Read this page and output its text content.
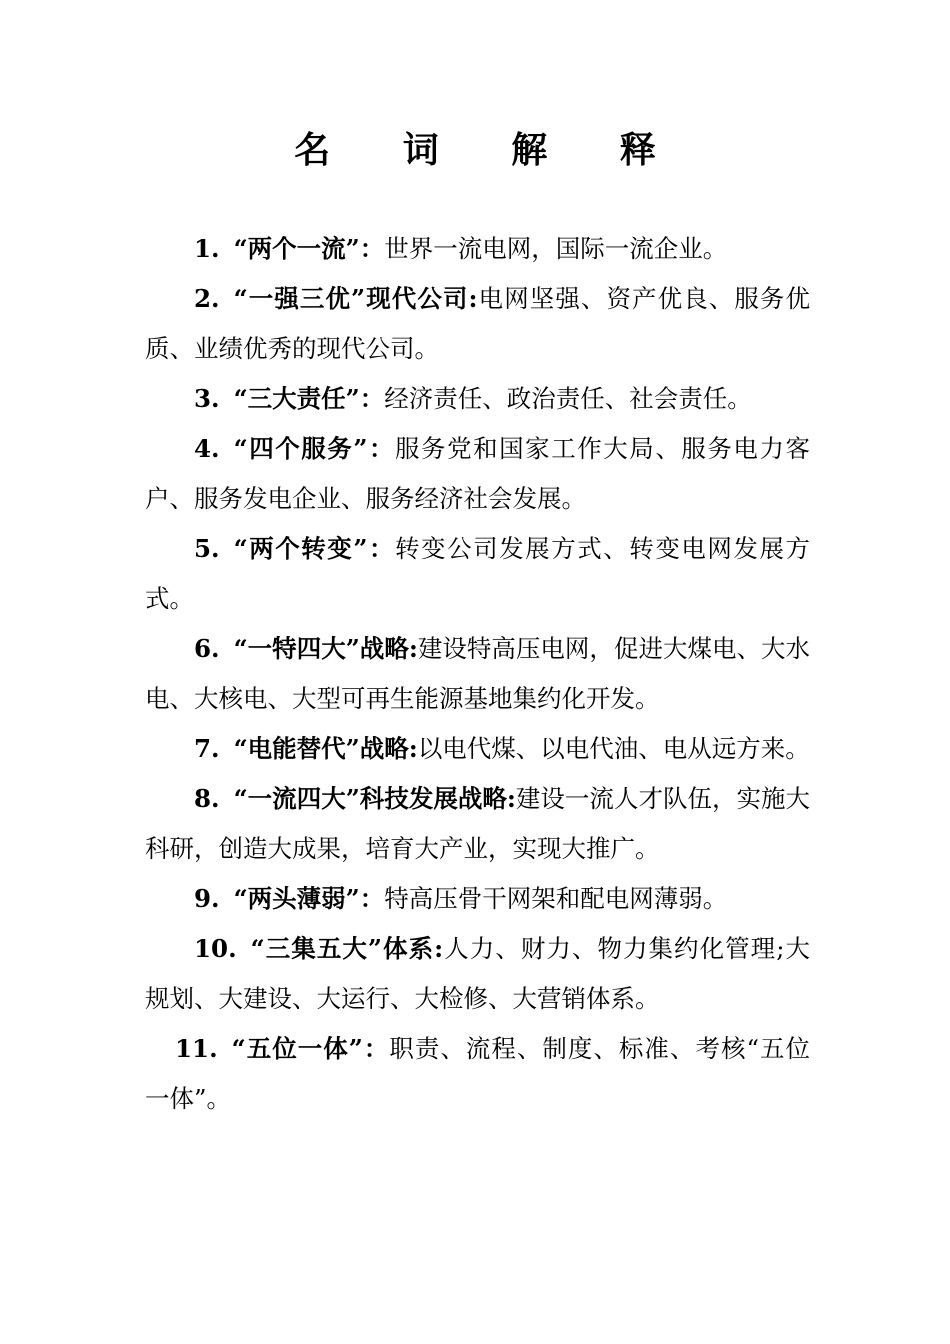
名 词 解 释

1. “两个一流”：世界一流电网，国际一流企业。

2. “一强三优”现代公司:电网坚强、资产优良、服务优质、业绩优秀的现代公司。

3. “三大责任”：经济责任、政治责任、社会责任。

4. “四个服务”：服务党和国家工作大局、服务电力客户、服务发电企业、服务经济社会发展。

5. “两个转变”：转变公司发展方式、转变电网发展方式。

6. “一特四大”战略:建设特高压电网，促进大煤电、大水电、大核电、大型可再生能源基地集约化开发。

7. “电能替代”战略:以电代煤、以电代油、电从远方来。

8. “一流四大”科技发展战略:建设一流人才队伍，实施大科研，创造大成果，培育大产业，实现大推广。

9. “两头薄弱”：特高压骨干网架和配电网薄弱。

10. “三集五大”体系:人力、财力、物力集约化管理;大规划、大建设、大运行、大检修、大营销体系。

11. “五位一体”：职责、流程、制度、标准、考核“五位一体”。
